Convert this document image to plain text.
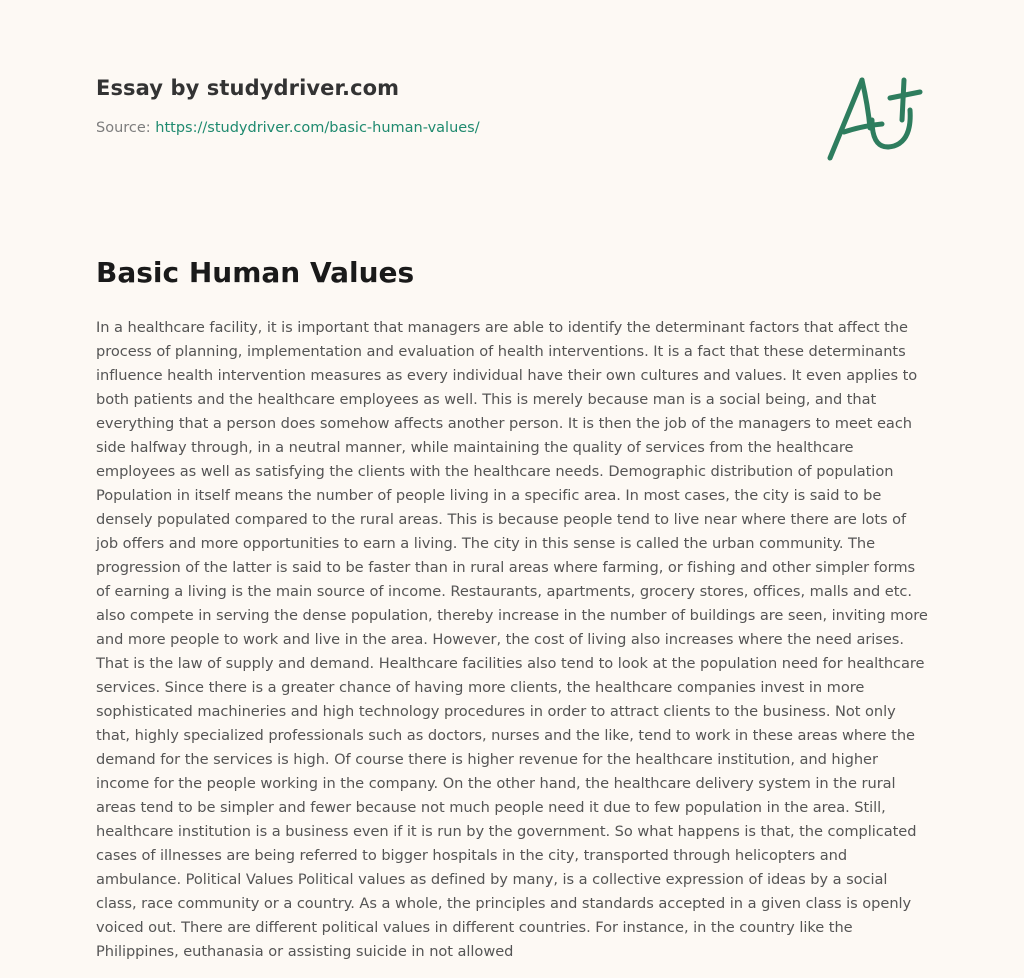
Essay by studydriver.com
Source: https://studydriver.com/basic-human-values/
Basic Human Values

In a healthcare facility, it is important that managers are able to identify the determinant factors that affect the process of planning, implementation and evaluation of health interventions. It is a fact that these determinants influence health intervention measures as every individual have their own cultures and values. It even applies to both patients and the healthcare employees as well. This is merely because man is a social being, and that everything that a person does somehow affects another person. It is then the job of the managers to meet each side halfway through, in a neutral manner, while maintaining the quality of services from the healthcare employees as well as satisfying the clients with the healthcare needs. Demographic distribution of population Population in itself means the number of people living in a specific area. In most cases, the city is said to be densely populated compared to the rural areas. This is because people tend to live near where there are lots of job offers and more opportunities to earn a living. The city in this sense is called the urban community. The progression of the latter is said to be faster than in rural areas where farming, or fishing and other simpler forms of earning a living is the main source of income. Restaurants, apartments, grocery stores, offices, malls and etc. also compete in serving the dense population, thereby increase in the number of buildings are seen, inviting more and more people to work and live in the area. However, the cost of living also increases where the need arises. That is the law of supply and demand. Healthcare facilities also tend to look at the population need for healthcare services. Since there is a greater chance of having more clients, the healthcare companies invest in more sophisticated machineries and high technology procedures in order to attract clients to the business. Not only that, highly specialized professionals such as doctors, nurses and the like, tend to work in these areas where the demand for the services is high. Of course there is higher revenue for the healthcare institution, and higher income for the people working in the company. On the other hand, the healthcare delivery system in the rural areas tend to be simpler and fewer because not much people need it due to few population in the area. Still, healthcare institution is a business even if it is run by the government. So what happens is that, the complicated cases of illnesses are being referred to bigger hospitals in the city, transported through helicopters and ambulance. Political Values Political values as defined by many, is a collective expression of ideas by a social class, race community or a country. As a whole, the principles and standards accepted in a given class is openly voiced out. There are different political values in different countries. For instance, in the country like the Philippines, euthanasia or assisting suicide in not allowed
